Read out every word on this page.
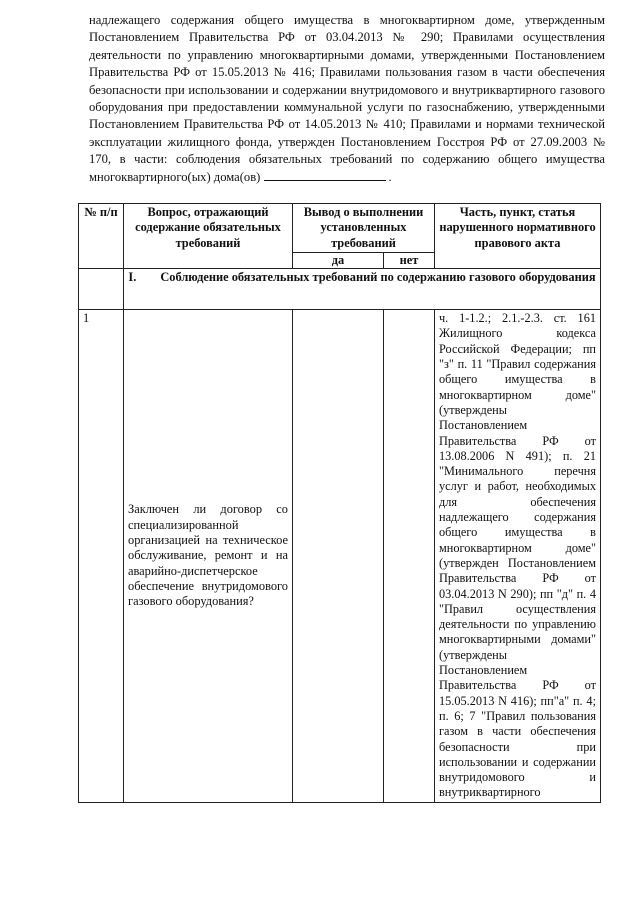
надлежащего содержания общего имущества в многоквартирном доме, утвержденным Постановлением Правительства РФ от 03.04.2013 № 290; Правилами осуществления деятельности по управлению многоквартирными домами, утвержденными Постановлением Правительства РФ от 15.05.2013 № 416; Правилами пользования газом в части обеспечения безопасности при использовании и содержании внутридомового и внутриквартирного газового оборудования при предоставлении коммунальной услуги по газоснабжению, утвержденными Постановлением Правительства РФ от 14.05.2013 № 410; Правилами и нормами технической эксплуатации жилищного фонда, утвержден Постановлением Госстроя РФ от 27.09.2003 № 170, в части: соблюдения обязательных требований по содержанию общего имущества многоквартирного(ых) дома(ов)	.
№ п/п	Вопрос, отражающий содержание обязательных требований	Вывод о выполнении установленных требований		Часть, пункт, статья нарушенного нормативного правового акта
		да	нет	
	I. Соблюдение обязательных требований по содержанию газового оборудования			
1	Заключен ли договор со специализированной организацией на техническое обслуживание, ремонт и на аварийно-диспетчерское обеспечение внутридомового газового оборудования?			ч. 1-1.2.; 2.1.-2.3. ст. 161 Жилищного кодекса Российской Федерации; пп "з" п. 11 "Правил содержания общего имущества в многоквартирном доме" (утверждены Постановлением Правительства РФ от 13.08.2006 N 491); п. 21 "Минимального перечня услуг и работ, необходимых для обеспечения надлежащего содержания общего имущества в многоквартирном доме" (утвержден Постановлением Правительства РФ от 03.04.2013 N 290); пп "д" п. 4 "Правил осуществления деятельности по управлению многоквартирными домами" (утверждены Постановлением Правительства РФ от 15.05.2013 N 416); пп"а" п. 4; п. 6; 7 "Правил пользования газом в части обеспечения безопасности при использовании и содержании внутридомового и внутриквартирного
